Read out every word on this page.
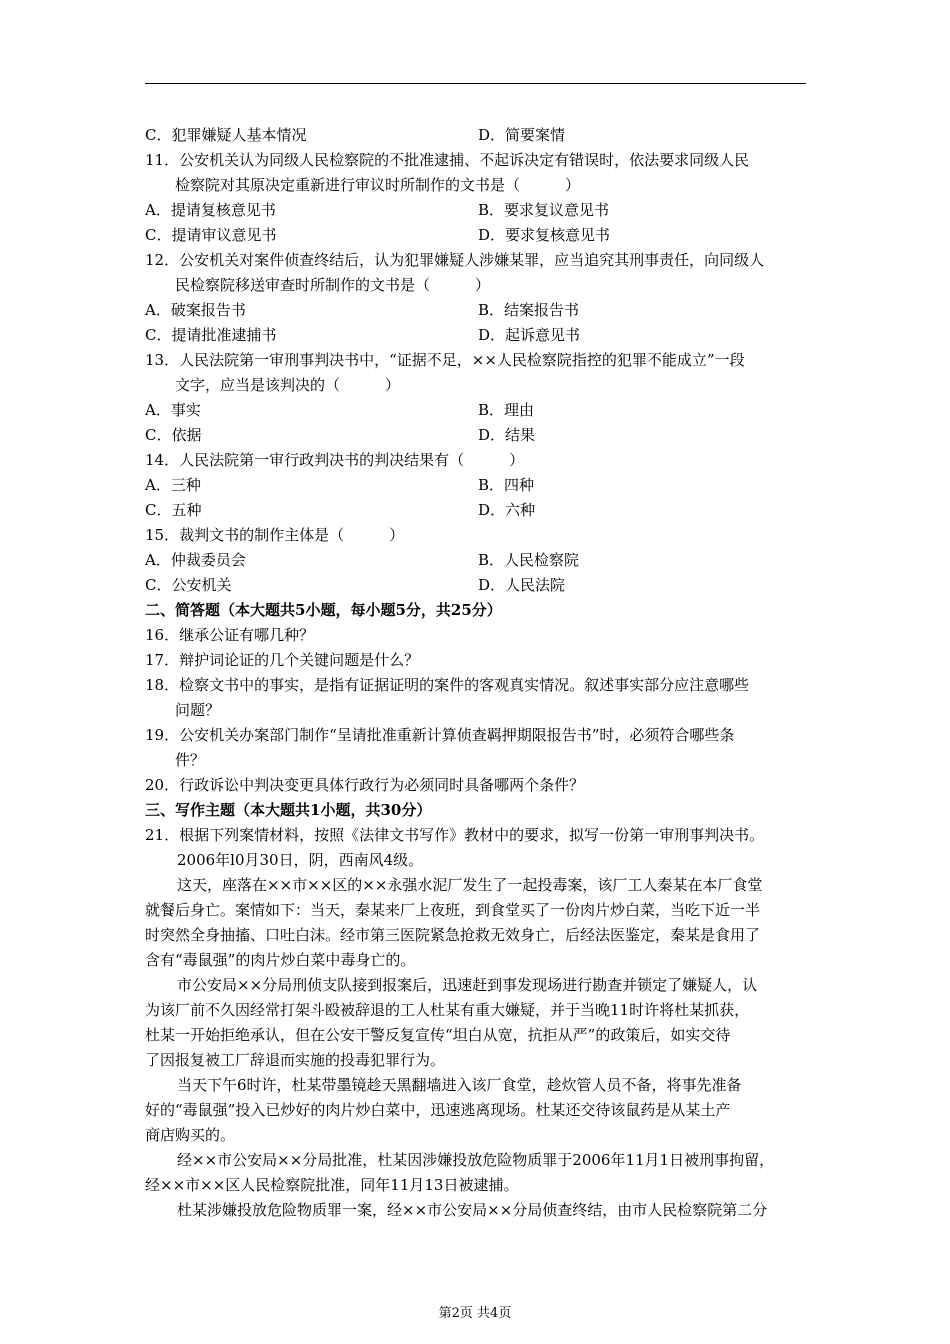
C．犯罪嫌疑人基本情况	D．简要案情
11．公安机关认为同级人民检察院的不批准逮捕、不起诉决定有错误时，依法要求同级人民
检察院对其原决定重新进行审议时所制作的文书是（　　　）
A．提请复核意见书	B．要求复议意见书
C．提请审议意见书	D．要求复核意见书
12．公安机关对案件侦查终结后，认为犯罪嫌疑人涉嫌某罪，应当追究其刑事责任，向同级人
民检察院移送审查时所制作的文书是（　　　）
A．破案报告书	B．结案报告书
C．提请批准逮捕书	D．起诉意见书
13．人民法院第一审刑事判决书中，“证据不足，××人民检察院指控的犯罪不能成立”一段
文字，应当是该判决的（　　　）
A．事实	B．理由
C．依据	D．结果
14．人民法院第一审行政判决书的判决结果有（　　　）
A．三种	B．四种
C．五种	D．六种
15．裁判文书的制作主体是（　　　）
A．仲裁委员会	B．人民检察院
C．公安机关	D．人民法院
二、简答题（本大题共5小题，每小题5分，共25分）
16．继承公证有哪几种？
17．辩护词论证的几个关键问题是什么？
18．检察文书中的事实，是指有证据证明的案件的客观真实情况。叙述事实部分应注意哪些
问题？
19．公安机关办案部门制作“呈请批准重新计算侦查羁押期限报告书”时，必须符合哪些条
件？
20．行政诉讼中判决变更具体行政行为必须同时具备哪两个条件？
三、写作主题（本大题共1小题，共30分）
21．根据下列案情材料，按照《法律文书写作》教材中的要求，拟写一份第一审刑事判决书。
2006年l0月30日，阴，西南风4级。
这天，座落在××市××区的××永强水泥厂发生了一起投毒案，该厂工人秦某在本厂食堂
就餐后身亡。案情如下：当天，秦某来厂上夜班，到食堂买了一份肉片炒白菜，当吃下近一半
时突然全身抽搐、口吐白沫。经市第三医院紧急抢救无效身亡，后经法医鉴定，秦某是食用了
含有“毒鼠强”的肉片炒白菜中毒身亡的。
市公安局××分局刑侦支队接到报案后，迅速赶到事发现场进行勘查并锁定了嫌疑人，认
为该厂前不久因经常打架斗殴被辞退的工人杜某有重大嫌疑，并于当晚11时许将杜某抓获，
杜某一开始拒绝承认，但在公安干警反复宣传“坦白从宽，抗拒从严”的政策后，如实交待
了因报复被工厂辞退而实施的投毒犯罪行为。
当天下午6时许，杜某带墨镜趁天黑翻墙进入该厂食堂，趁炊管人员不备，将事先准备
好的“毒鼠强”投入已炒好的肉片炒白菜中，迅速逃离现场。杜某还交待该鼠药是从某土产
商店购买的。
经××市公安局××分局批准，杜某因涉嫌投放危险物质罪于2006年11月1日被刑事拘留，
经××市××区人民检察院批准，同年11月13日被逮捕。
杜某涉嫌投放危险物质罪一案，经××市公安局××分局侦查终结，由市人民检察院第二分
第2页 共4页
